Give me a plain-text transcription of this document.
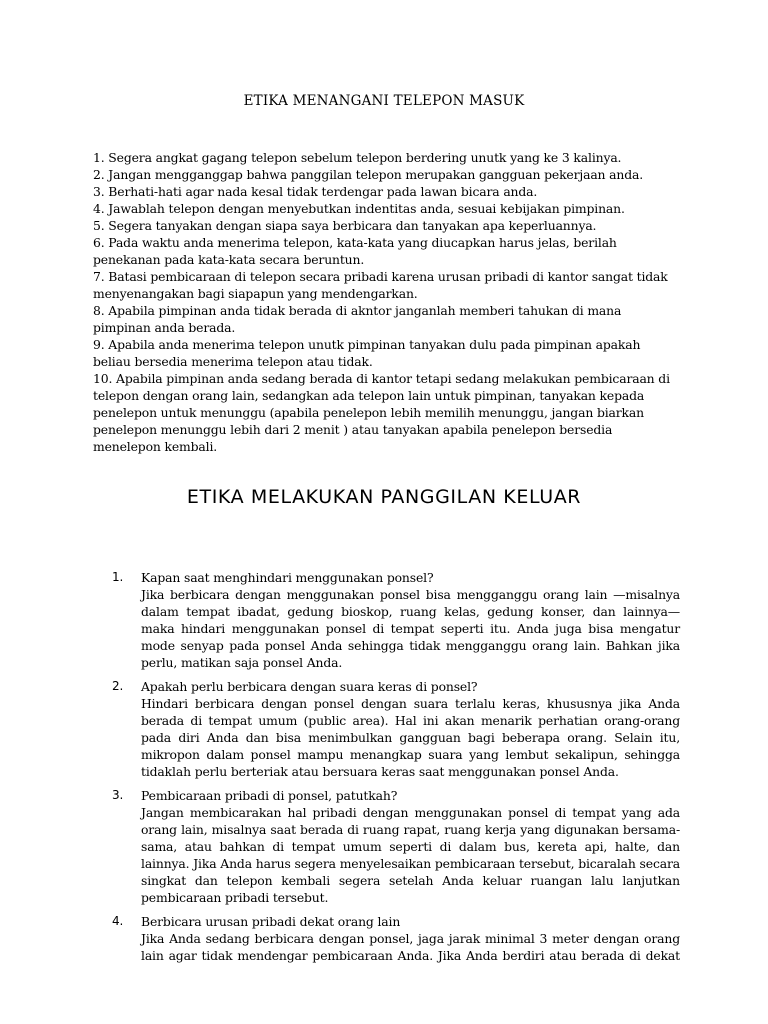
ETIKA MENANGANI TELEPON MASUK
1. Segera angkat gagang telepon sebelum telepon berdering unutk yang ke 3 kalinya.
2. Jangan mengganggap bahwa panggilan telepon merupakan gangguan pekerjaan anda.
3. Berhati-hati agar nada kesal tidak terdengar pada lawan bicara anda.
4. Jawablah telepon dengan menyebutkan indentitas anda, sesuai kebijakan pimpinan.
5. Segera tanyakan dengan siapa saya berbicara dan tanyakan apa keperluannya.
6. Pada waktu anda menerima telepon, kata-kata yang diucapkan harus jelas, berilah
penekanan pada kata-kata secara beruntun.
7. Batasi pembicaraan di telepon secara pribadi karena urusan pribadi di kantor sangat tidak
menyenangakan bagi siapapun yang mendengarkan.
8. Apabila pimpinan anda tidak berada di akntor janganlah memberi tahukan di mana
pimpinan anda berada.
9. Apabila anda menerima telepon unutk pimpinan tanyakan dulu pada pimpinan apakah
beliau bersedia menerima telepon atau tidak.
10. Apabila pimpinan anda sedang berada di kantor tetapi sedang melakukan pembicaraan di
telepon dengan orang lain, sedangkan ada telepon lain untuk pimpinan, tanyakan kepada
penelepon untuk menunggu (apabila penelepon lebih memilih menunggu, jangan biarkan
penelepon menunggu lebih dari 2 menit ) atau tanyakan apabila penelepon bersedia
menelepon kembali.
ETIKA MELAKUKAN PANGGILAN KELUAR
1. Kapan saat menghindari menggunakan ponsel?
Jika berbicara dengan menggunakan ponsel bisa mengganggu orang lain —misalnya
dalam tempat ibadat, gedung bioskop, ruang kelas, gedung konser, dan lainnya—
maka hindari menggunakan ponsel di tempat seperti itu. Anda juga bisa mengatur
mode senyap pada ponsel Anda sehingga tidak mengganggu orang lain. Bahkan jika
perlu, matikan saja ponsel Anda.
2. Apakah perlu berbicara dengan suara keras di ponsel?
Hindari berbicara dengan ponsel dengan suara terlalu keras, khususnya jika Anda
berada di tempat umum (public area). Hal ini akan menarik perhatian orang-orang
pada diri Anda dan bisa menimbulkan gangguan bagi beberapa orang. Selain itu,
mikropon dalam ponsel mampu menangkap suara yang lembut sekalipun, sehingga
tidaklah perlu berteriak atau bersuara keras saat menggunakan ponsel Anda.
3. Pembicaraan pribadi di ponsel, patutkah?
Jangan membicarakan hal pribadi dengan menggunakan ponsel di tempat yang ada
orang lain, misalnya saat berada di ruang rapat, ruang kerja yang digunakan bersama-
sama, atau bahkan di tempat umum seperti di dalam bus, kereta api, halte, dan
lainnya. Jika Anda harus segera menyelesaikan pembicaraan tersebut, bicaralah secara
singkat dan telepon kembali segera setelah Anda keluar ruangan lalu lanjutkan
pembicaraan pribadi tersebut.
4. Berbicara urusan pribadi dekat orang lain
Jika Anda sedang berbicara dengan ponsel, jaga jarak minimal 3 meter dengan orang
lain agar tidak mendengar pembicaraan Anda. Jika Anda berdiri atau berada di dekat
